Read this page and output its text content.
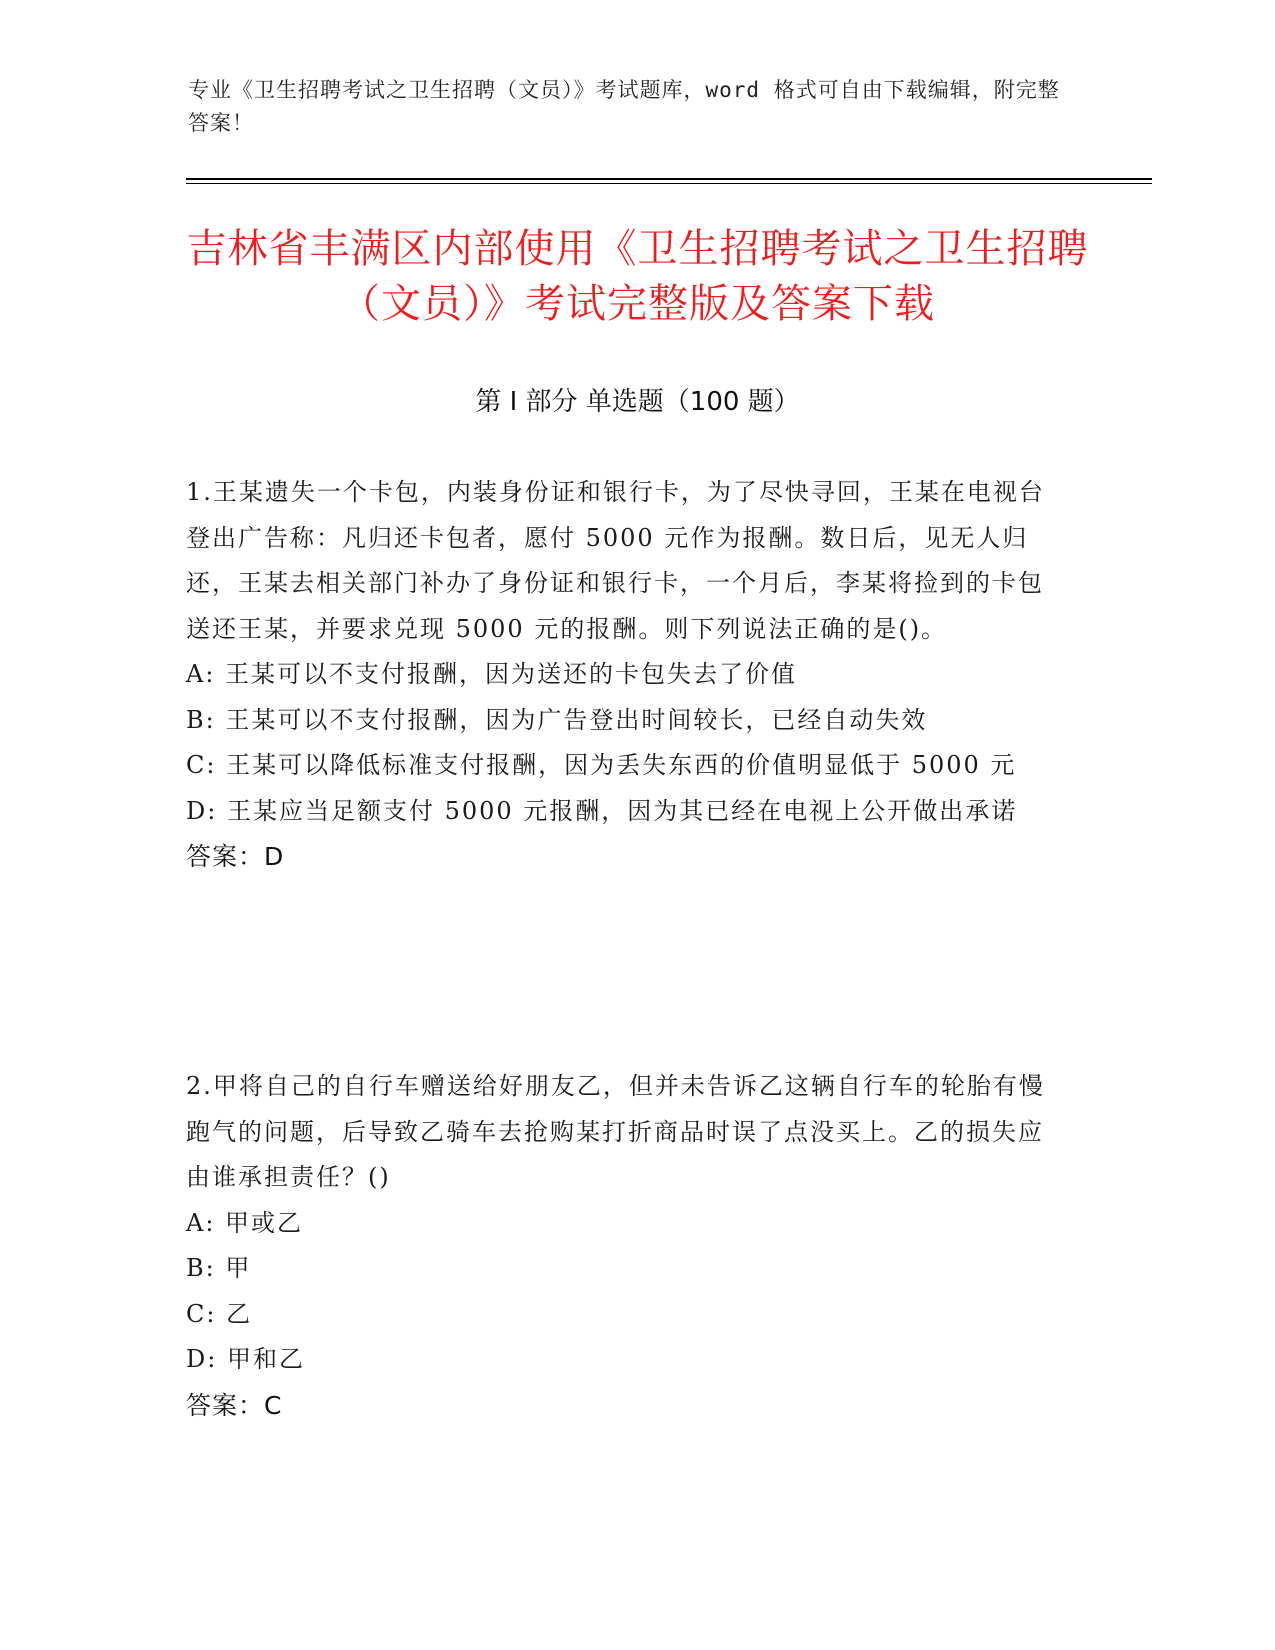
专业《卫生招聘考试之卫生招聘（文员）》考试题库，word 格式可自由下载编辑，附完整答案！
吉林省丰满区内部使用《卫生招聘考试之卫生招聘（文员）》考试完整版及答案下载
第 I 部分 单选题（100 题）
1.王某遗失一个卡包，内装身份证和银行卡，为了尽快寻回，王某在电视台登出广告称：凡归还卡包者，愿付 5000 元作为报酬。数日后，见无人归还，王某去相关部门补办了身份证和银行卡，一个月后，李某将捡到的卡包送还王某，并要求兑现 5000 元的报酬。则下列说法正确的是()。
A: 王某可以不支付报酬，因为送还的卡包失去了价值
B: 王某可以不支付报酬，因为广告登出时间较长，已经自动失效
C: 王某可以降低标准支付报酬，因为丢失东西的价值明显低于 5000 元
D: 王某应当足额支付 5000 元报酬，因为其已经在电视上公开做出承诺
答案：D
2.甲将自己的自行车赠送给好朋友乙，但并未告诉乙这辆自行车的轮胎有慢跑气的问题，后导致乙骑车去抢购某打折商品时误了点没买上。乙的损失应由谁承担责任？()
A: 甲或乙
B: 甲
C: 乙
D: 甲和乙
答案：C
